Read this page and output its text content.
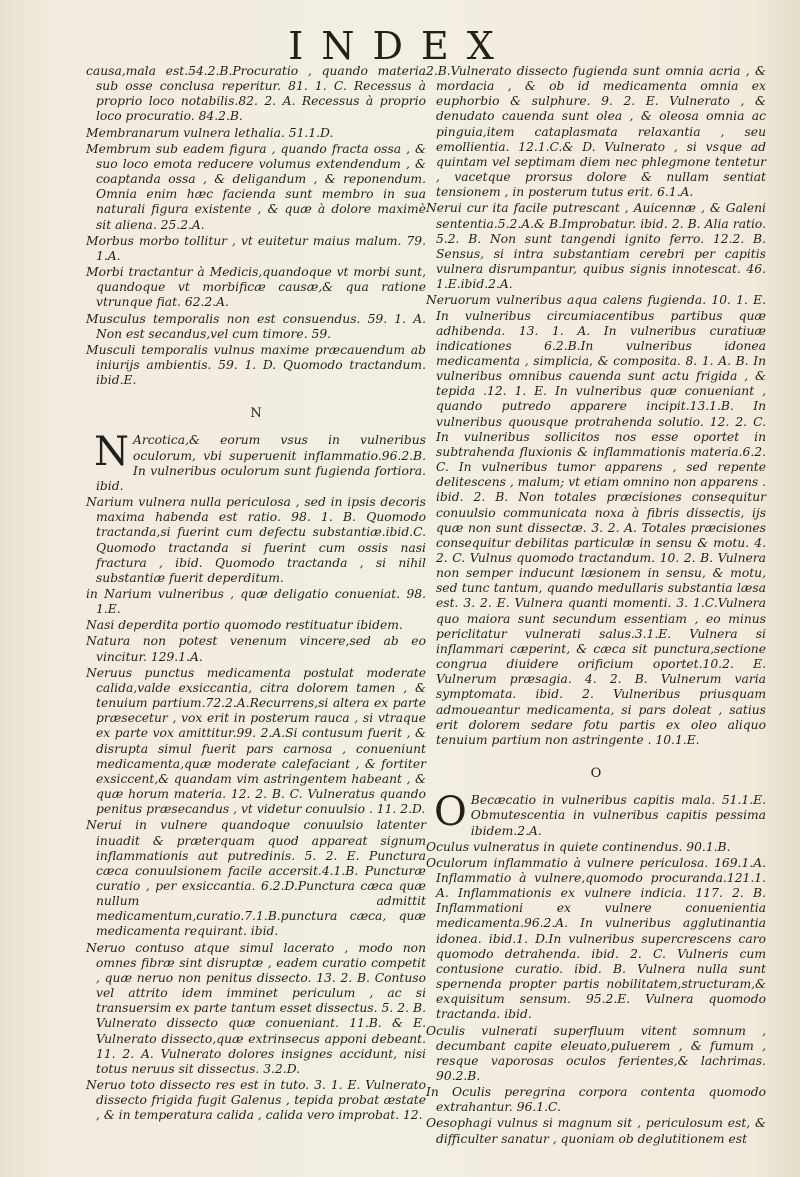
INDEX

causa,mala est.54.2.B.Procuratio , quando materia sub osse conclusa reperitur. 81. 1. C. Recessus à proprio loco notabilis.82. 2. A. Recessus à proprio loco procuratio. 84.2.B.

Membranarum vulnera lethalia. 51.1.D.

Membrum sub eadem figura , quando fracta ossa , & suo loco emota reducere volumus extendendum , & coaptanda ossa , & deligandum , & reponendum. Omnia enim hæc facienda sunt membro in sua naturali figura existente , & quæ à dolore maximè sit aliena. 25.2.A.

Morbus morbo tollitur , vt euitetur maius malum. 79. 1.A.

Morbi tractantur à Medicis,quandoque vt morbi sunt, quandoque vt morbificæ causæ,& qua ratione vtrunque fiat. 62.2.A.

Musculus temporalis non est consuendus. 59. 1. A. Non est secandus,vel cum timore. 59.

Musculi temporalis vulnus maxime præcauendum ab iniurijs ambientis. 59. 1. D. Quomodo tractandum. ibid.E.

N

N Arcotica,& eorum vsus in vulneribus oculorum, vbi superuenit inflammatio.96.2.B. In vulneribus oculorum sunt fugienda fortiora. ibid.

Narium vulnera nulla periculosa , sed in ipsis decoris maxima habenda est ratio. 98. 1. B. Quomodo tractanda,si fuerint cum defectu substantiæ.ibid.C. Quomodo tractanda si fuerint cum ossis nasi fractura , ibid. Quomodo tractanda , si nihil substantiæ fuerit deperditum.

in Narium vulneribus , quæ deligatio conueniat. 98. 1.E.

Nasi deperdita portio quomodo restituatur ibidem.

Natura non potest venenum vincere,sed ab eo vincitur. 129.1.A.

Neruus punctus medicamenta postulat moderate calida,valde exsiccantia, citra dolorem tamen , & tenuium partium.72.2.A.Recurrens,si altera ex parte præsecetur , vox erit in posterum rauca , si vtraque ex parte vox amittitur.99. 2.A.Si contusum fuerit , & disrupta simul fuerit pars carnosa , conueniunt medicamenta,quæ moderate calefaciant , & fortiter exsiccent,& quandam vim astringentem habeant , & quæ horum materia. 12. 2. B. C. Vulneratus quando penitus præsecandus , vt videtur conuulsio . 11. 2.D.

Nerui in vulnere quandoque conuulsio latenter inuadit & præterquam quod appareat signum inflammationis aut putredinis. 5. 2. E. Punctura cæca conuulsionem facile accersit.4.1.B. Puncturæ curatio , per exsiccantia. 6.2.D.Punctura cæca quæ nullum admittit medicamentum,curatio.7.1.B.punctura cæca, quæ medicamenta requirant. ibid.

Neruo contuso atque simul lacerato , modo non omnes fibræ sint disruptæ , eadem curatio competit , quæ neruo non penitus dissecto. 13. 2. B. Contuso vel attrito idem imminet periculum , ac si transuersim ex parte tantum esset dissectus. 5. 2. B. Vulnerato dissecto quæ conueniant. 11.B. & E. Vulnerato dissecto,quæ extrinsecus apponi debeant. 11. 2. A. Vulnerato dolores insignes accidunt, nisi totus neruus sit dissectus. 3.2.D.

Neruo toto dissecto res est in tuto. 3. 1. E. Vulnerato dissecto frigida fugit Galenus , tepida probat æstate , & in temperatura calida , calida vero improbat. 12.

2.B.Vulnerato dissecto fugienda sunt omnia acria , & mordacia , & ob id medicamenta omnia ex euphorbio & sulphure. 9. 2. E. Vulnerato , & denudato cauenda sunt olea , & oleosa omnia ac pinguia,item cataplasmata relaxantia , seu emollientia. 12.1.C.& D. Vulnerato , si vsque ad quintam vel septimam diem nec phlegmone tentetur , vacetque prorsus dolore & nullam sentiat tensionem , in posterum tutus erit. 6.1.A.

Nerui cur ita facile putrescant , Auicennæ , & Galeni sententia.5.2.A.& B.Improbatur. ibid. 2. B. Alia ratio. 5.2. B. Non sunt tangendi ignito ferro. 12.2. B. Sensus, si intra substantiam cerebri per capitis vulnera disrumpantur, quibus signis innotescat. 46. 1.E.ibid.2.A.

Neruorum vulneribus aqua calens fugienda. 10. 1. E. In vulneribus circumiacentibus partibus quæ adhibenda. 13. 1. A. In vulneribus curatiuæ indicationes 6.2.B.In vulneribus idonea medicamenta , simplicia, & composita. 8. 1. A. B. In vulneribus omnibus cauenda sunt actu frigida , & tepida .12. 1. E. In vulneribus quæ conueniant , quando putredo apparere incipit.13.1.B. In vulneribus quousque protrahenda solutio. 12. 2. C. In vulneribus sollicitos nos esse oportet in subtrahenda fluxionis & inflammationis materia.6.2. C. In vulneribus tumor apparens , sed repente delitescens , malum; vt etiam omnino non apparens . ibid. 2. B. Non totales præcisiones consequitur conuulsio communicata noxa à fibris dissectis, ijs quæ non sunt dissectæ. 3. 2. A. Totales præcisiones consequitur debilitas particulæ in sensu & motu. 4. 2. C. Vulnus quomodo tractandum. 10. 2. B. Vulnera non semper inducunt læsionem in sensu, & motu, sed tunc tantum, quando medullaris substantia læsa est. 3. 2. E. Vulnera quanti momenti. 3. 1.C.Vulnera quo maiora sunt secundum essentiam , eo minus periclitatur vulnerati salus.3.1.E. Vulnera si inflammari cæperint, & cæca sit punctura,sectione congrua diuidere orificium oportet.10.2. E. Vulnerum præsagia. 4. 2. B. Vulnerum varia symptomata. ibid. 2. Vulneribus priusquam admoueantur medicamenta, si pars doleat , satius erit dolorem sedare fotu partis ex oleo aliquo tenuium partium non astringente . 10.1.E.

O

O Becæcatio in vulneribus capitis mala. 51.1.E. Obmutescentia in vulneribus capitis pessima ibidem.2.A.

Oculus vulneratus in quiete continendus. 90.1.B.

Oculorum inflammatio à vulnere periculosa. 169.1.A. Inflammatio à vulnere,quomodo procuranda.121.1. A. Inflammationis ex vulnere indicia. 117. 2. B. Inflammationi ex vulnere conuenientia medicamenta.96.2.A. In vulneribus agglutinantia idonea. ibid.1. D.In vulneribus supercrescens caro quomodo detrahenda. ibid. 2. C. Vulneris cum contusione curatio. ibid. B. Vulnera nulla sunt spernenda propter partis nobilitatem,structuram,& exquisitum sensum. 95.2.E. Vulnera quomodo tractanda. ibid.

Oculis vulnerati superfluum vitent somnum , decumbant capite eleuato,puluerem , & fumum , resque vaporosas oculos ferientes,& lachrimas. 90.2.B.

In Oculis peregrina corpora contenta quomodo extrahantur. 96.1.C.

Oesophagi vulnus si magnum sit , periculosum est, & difficulter sanatur , quoniam ob deglutitionem est
